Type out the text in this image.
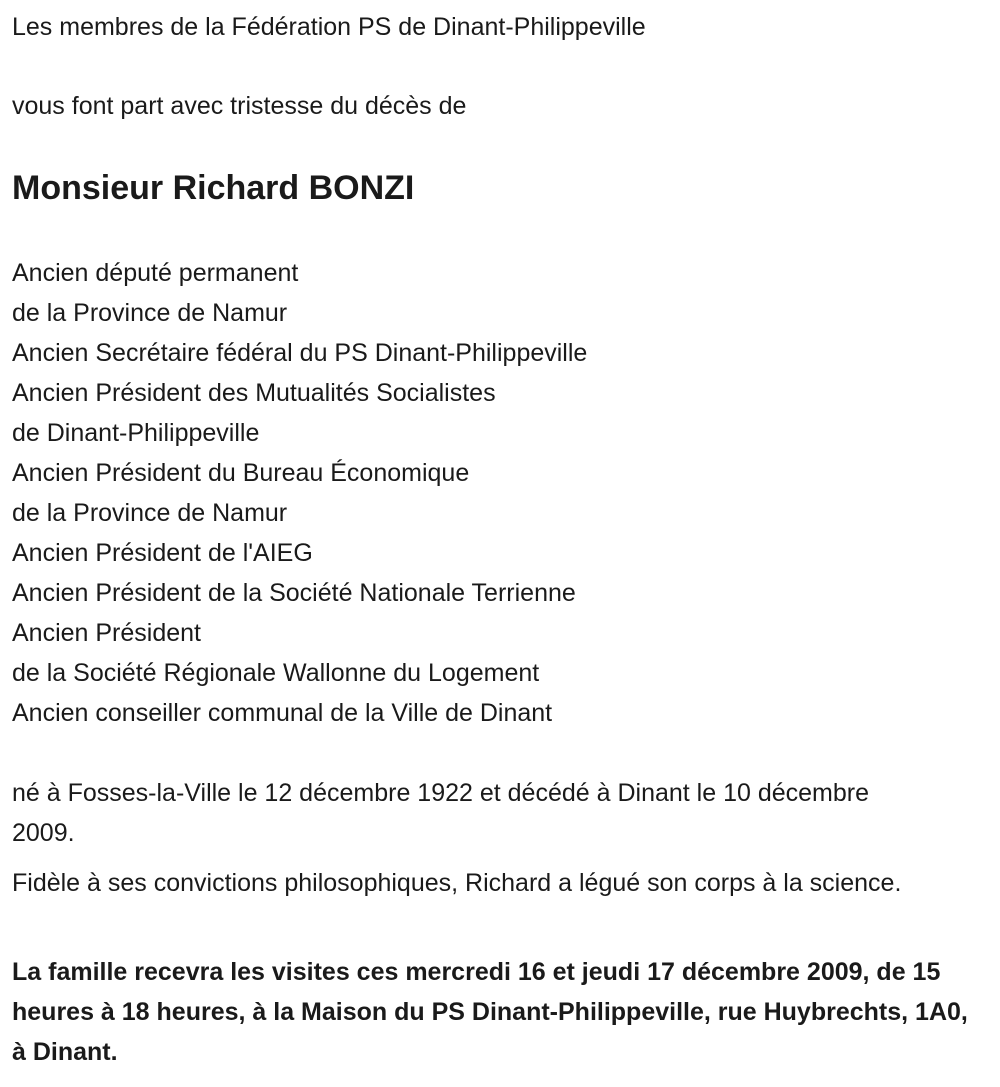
Les membres de la Fédération PS de Dinant-Philippeville

vous font part avec tristesse du décès de

Monsieur Richard BONZI

Ancien député permanent
de la Province de Namur
Ancien Secrétaire fédéral du PS Dinant-Philippeville
Ancien Président des Mutualités Socialistes
de Dinant-Philippeville
Ancien Président du Bureau Économique
de la Province de Namur
Ancien Président de l'AIEG
Ancien Président de la Société Nationale Terrienne
Ancien Président
de la Société Régionale Wallonne du Logement
Ancien conseiller communal de la Ville de Dinant

né à Fosses-la-Ville le 12 décembre 1922 et décédé à Dinant le 10 décembre 2009.

Fidèle à ses convictions philosophiques, Richard a légué son corps à la science.

La famille recevra les visites ces mercredi 16 et jeudi 17 décembre 2009, de 15 heures à 18 heures, à la Maison du PS Dinant-Philippeville, rue Huybrechts, 1A0, à Dinant.
